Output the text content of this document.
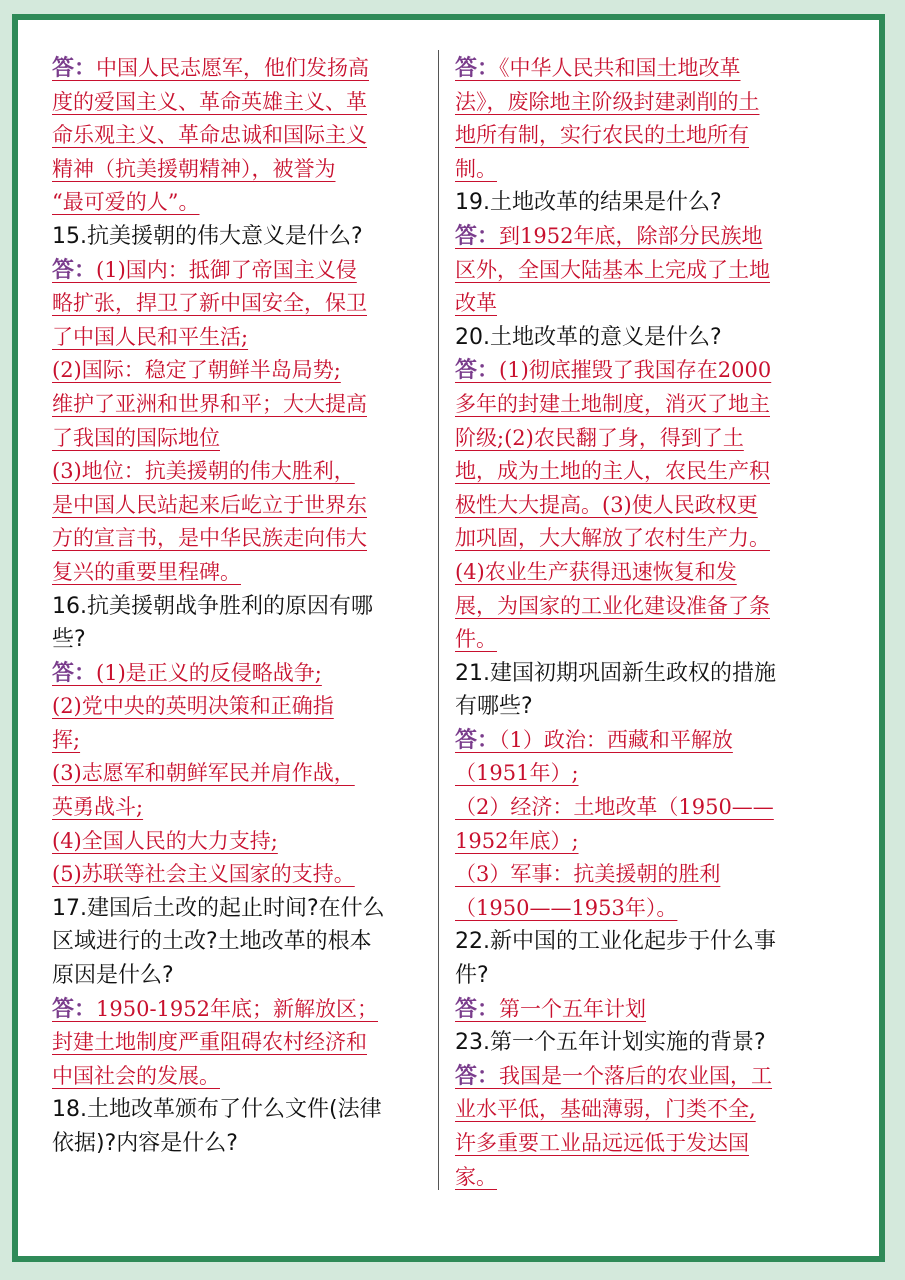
答：中国人民志愿军，他们发扬高
度的爱国主义、革命英雄主义、革
命乐观主义、革命忠诚和国际主义
精神（抗美援朝精神），被誉为
“最可爱的人”。
15.抗美援朝的伟大意义是什么?
答：(1)国内：抵御了帝国主义侵
略扩张，捍卫了新中国安全，保卫
了中国人民和平生活;
(2)国际：稳定了朝鲜半岛局势;
维护了亚洲和世界和平；大大提高
了我国的国际地位
(3)地位：抗美援朝的伟大胜利，
是中国人民站起来后屹立于世界东
方的宣言书，是中华民族走向伟大
复兴的重要里程碑。
16.抗美援朝战争胜利的原因有哪
些?
答：(1)是正义的反侵略战争;
(2)党中央的英明决策和正确指
挥;
(3)志愿军和朝鲜军民并肩作战，
英勇战斗;
(4)全国人民的大力支持;
(5)苏联等社会主义国家的支持。
17.建国后土改的起止时间?在什么
区域进行的土改?土地改革的根本
原因是什么?
答：1950-1952年底；新解放区；
封建土地制度严重阻碍农村经济和
中国社会的发展。
18.土地改革颁布了什么文件(法律
依据)?内容是什么?
答：《中华人民共和国土地改革
法》，废除地主阶级封建剥削的土
地所有制，实行农民的土地所有
制。
19.土地改革的结果是什么?
答：到1952年底，除部分民族地
区外，全国大陆基本上完成了土地
改革
20.土地改革的意义是什么?
答：(1)彻底摧毁了我国存在2000
多年的封建土地制度，消灭了地主
阶级;(2)农民翻了身，得到了土
地，成为土地的主人，农民生产积
极性大大提高。(3)使人民政权更
加巩固，大大解放了农村生产力。
(4)农业生产获得迅速恢复和发
展，为国家的工业化建设准备了条
件。
21.建国初期巩固新生政权的措施
有哪些?
答：（1）政治：西藏和平解放
（1951年）;
（2）经济：土地改革（1950——
1952年底）;
（3）军事：抗美援朝的胜利
（1950——1953年）。
22.新中国的工业化起步于什么事
件?
答：第一个五年计划
23.第一个五年计划实施的背景?
答：我国是一个落后的农业国，工
业水平低，基础薄弱，门类不全,
许多重要工业品远远低于发达国
家。
